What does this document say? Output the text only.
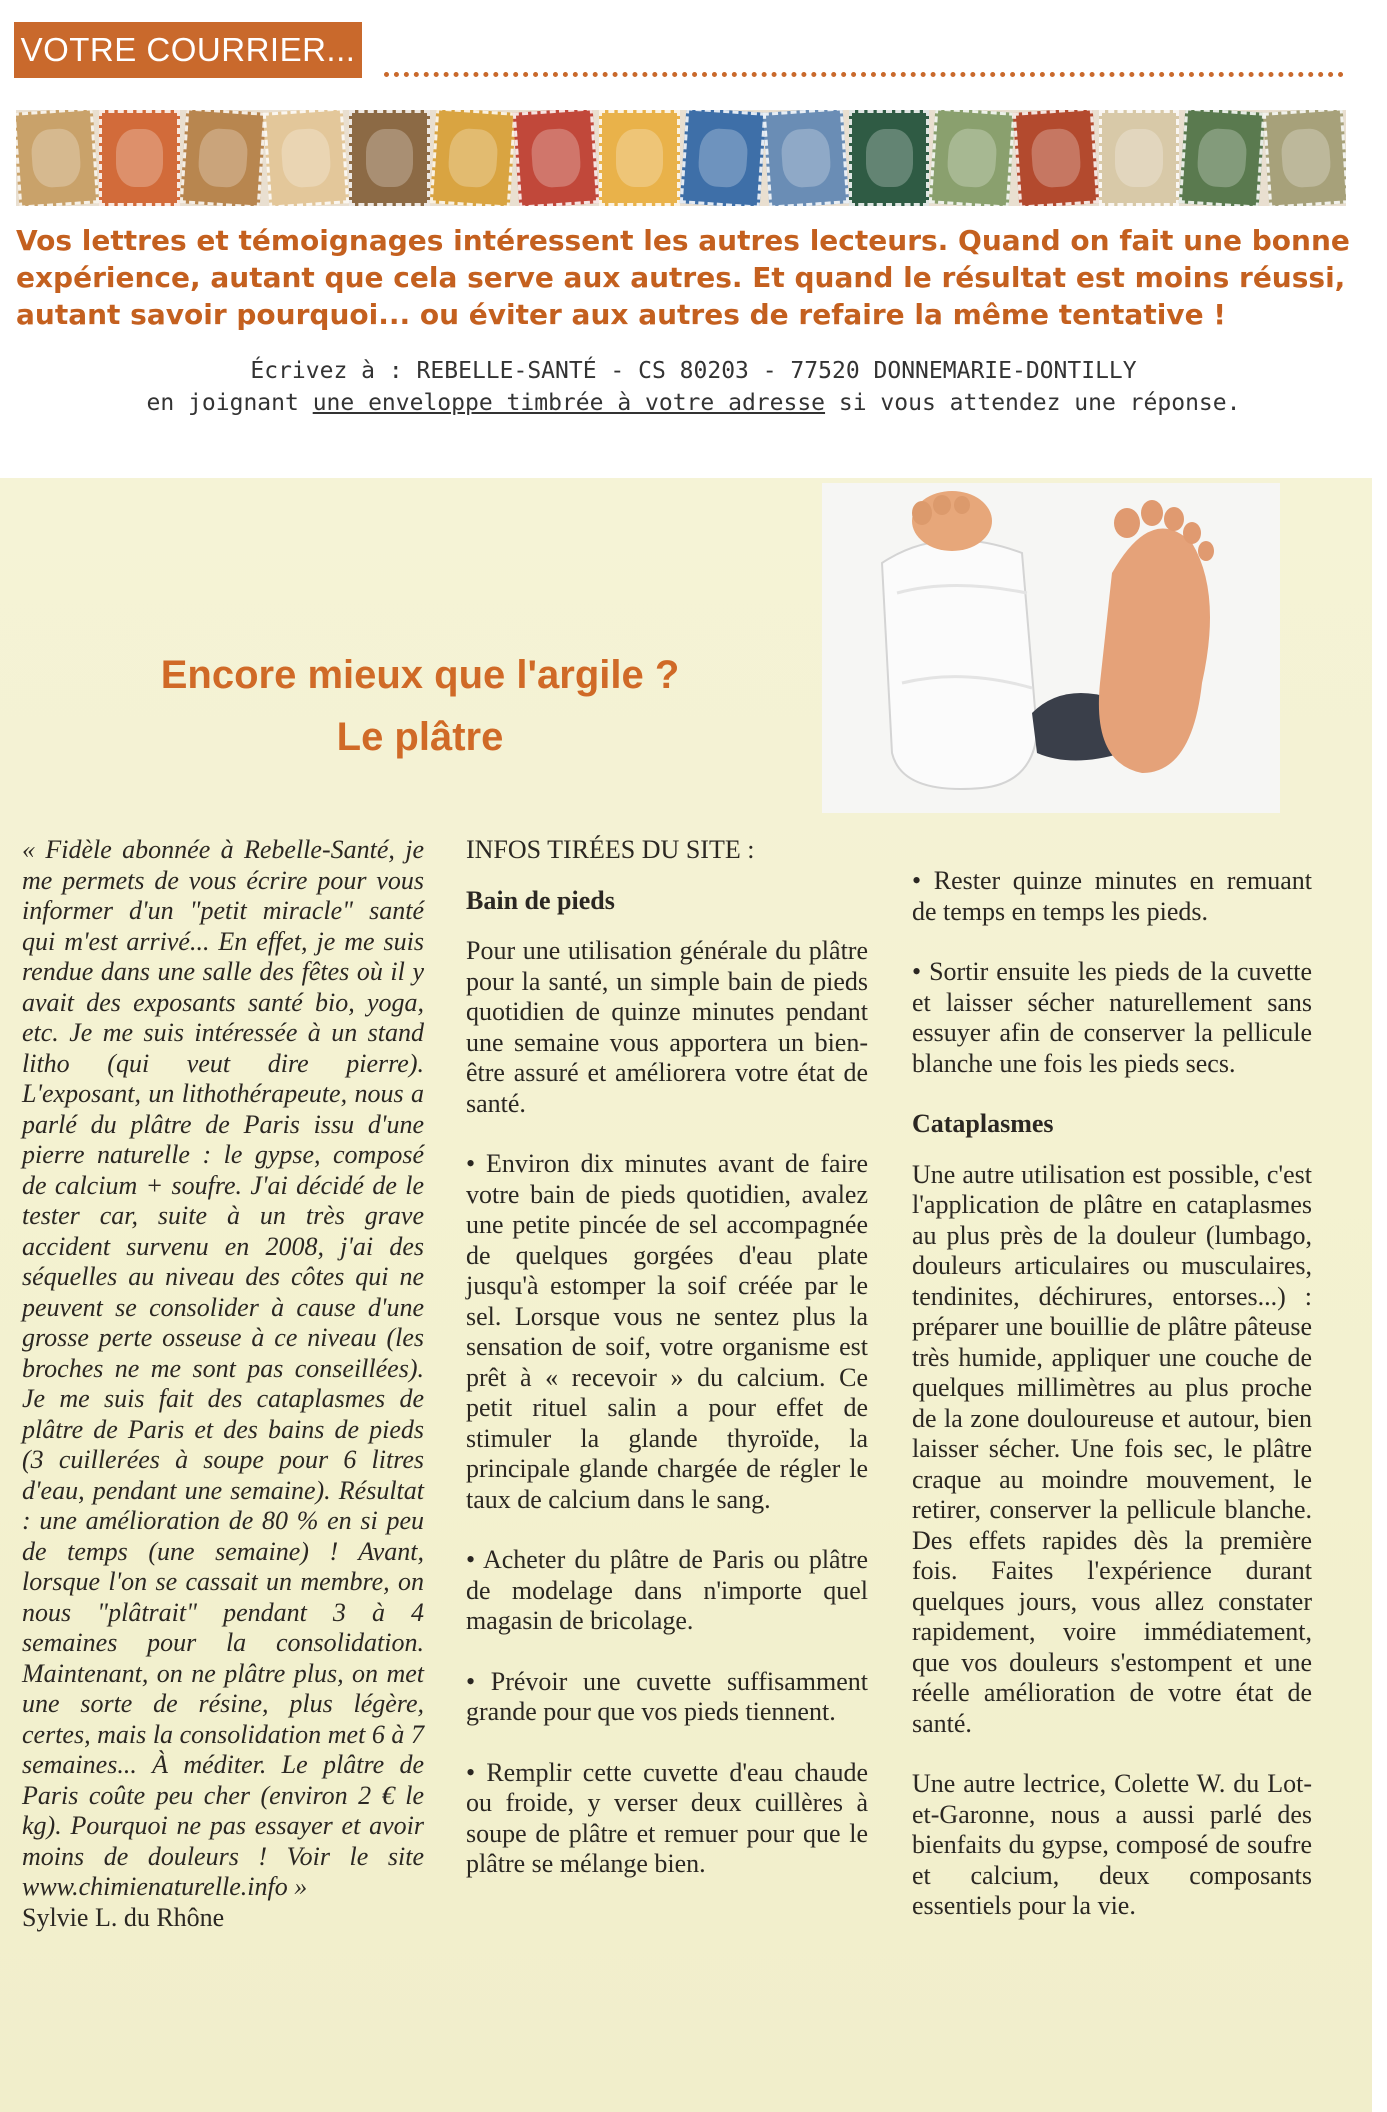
VOTRE COURRIER...

Vos lettres et témoignages intéressent les autres lecteurs. Quand on fait une bonne expérience, autant que cela serve aux autres. Et quand le résultat est moins réussi, autant savoir pourquoi... ou éviter aux autres de refaire la même tentative !

Écrivez à : REBELLE-SANTÉ - CS 80203 - 77520 DONNEMARIE-DONTILLY
en joignant une enveloppe timbrée à votre adresse si vous attendez une réponse.
Encore mieux que l'argile ?
Le plâtre

« Fidèle abonnée à Rebelle-Santé, je me permets de vous écrire pour vous informer d'un "petit miracle" santé qui m'est arrivé... En effet, je me suis rendue dans une salle des fêtes où il y avait des exposants santé bio, yoga, etc. Je me suis intéressée à un stand litho (qui veut dire pierre). L'exposant, un lithothérapeute, nous a parlé du plâtre de Paris issu d'une pierre naturelle : le gypse, composé de calcium + soufre. J'ai décidé de le tester car, suite à un très grave accident survenu en 2008, j'ai des séquelles au niveau des côtes qui ne peuvent se consolider à cause d'une grosse perte osseuse à ce niveau (les broches ne me sont pas conseillées). Je me suis fait des cataplasmes de plâtre de Paris et des bains de pieds (3 cuillerées à soupe pour 6 litres d'eau, pendant une semaine). Résultat : une amélioration de 80 % en si peu de temps (une semaine) ! Avant, lorsque l'on se cassait un membre, on nous "plâtrait" pendant 3 à 4 semaines pour la consolidation. Maintenant, on ne plâtre plus, on met une sorte de résine, plus légère, certes, mais la consolidation met 6 à 7 semaines... À méditer. Le plâtre de Paris coûte peu cher (environ 2 € le kg). Pourquoi ne pas essayer et avoir moins de douleurs ! Voir le site www.chimienaturelle.info »

Sylvie L. du Rhône

INFOS TIRÉES DU SITE :

Bain de pieds

Pour une utilisation générale du plâtre pour la santé, un simple bain de pieds quotidien de quinze minutes pendant une semaine vous apportera un bien-être assuré et améliorera votre état de santé.

• Environ dix minutes avant de faire votre bain de pieds quotidien, avalez une petite pincée de sel accompagnée de quelques gorgées d'eau plate jusqu'à estomper la soif créée par le sel. Lorsque vous ne sentez plus la sensation de soif, votre organisme est prêt à « recevoir » du calcium. Ce petit rituel salin a pour effet de stimuler la glande thyroïde, la principale glande chargée de régler le taux de calcium dans le sang.

• Acheter du plâtre de Paris ou plâtre de modelage dans n'importe quel magasin de bricolage.

• Prévoir une cuvette suffisamment grande pour que vos pieds tiennent.

• Remplir cette cuvette d'eau chaude ou froide, y verser deux cuillères à soupe de plâtre et remuer pour que le plâtre se mélange bien.

• Rester quinze minutes en remuant de temps en temps les pieds.

• Sortir ensuite les pieds de la cuvette et laisser sécher naturellement sans essuyer afin de conserver la pellicule blanche une fois les pieds secs.

Cataplasmes

Une autre utilisation est possible, c'est l'application de plâtre en cataplasmes au plus près de la douleur (lumbago, douleurs articulaires ou musculaires, tendinites, déchirures, entorses...) : préparer une bouillie de plâtre pâteuse très humide, appliquer une couche de quelques millimètres au plus proche de la zone douloureuse et autour, bien laisser sécher. Une fois sec, le plâtre craque au moindre mouvement, le retirer, conserver la pellicule blanche. Des effets rapides dès la première fois. Faites l'expérience durant quelques jours, vous allez constater rapidement, voire immédiatement, que vos douleurs s'estompent et une réelle amélioration de votre état de santé.

Une autre lectrice, Colette W. du Lot-et-Garonne, nous a aussi parlé des bienfaits du gypse, composé de soufre et calcium, deux composants essentiels pour la vie.
